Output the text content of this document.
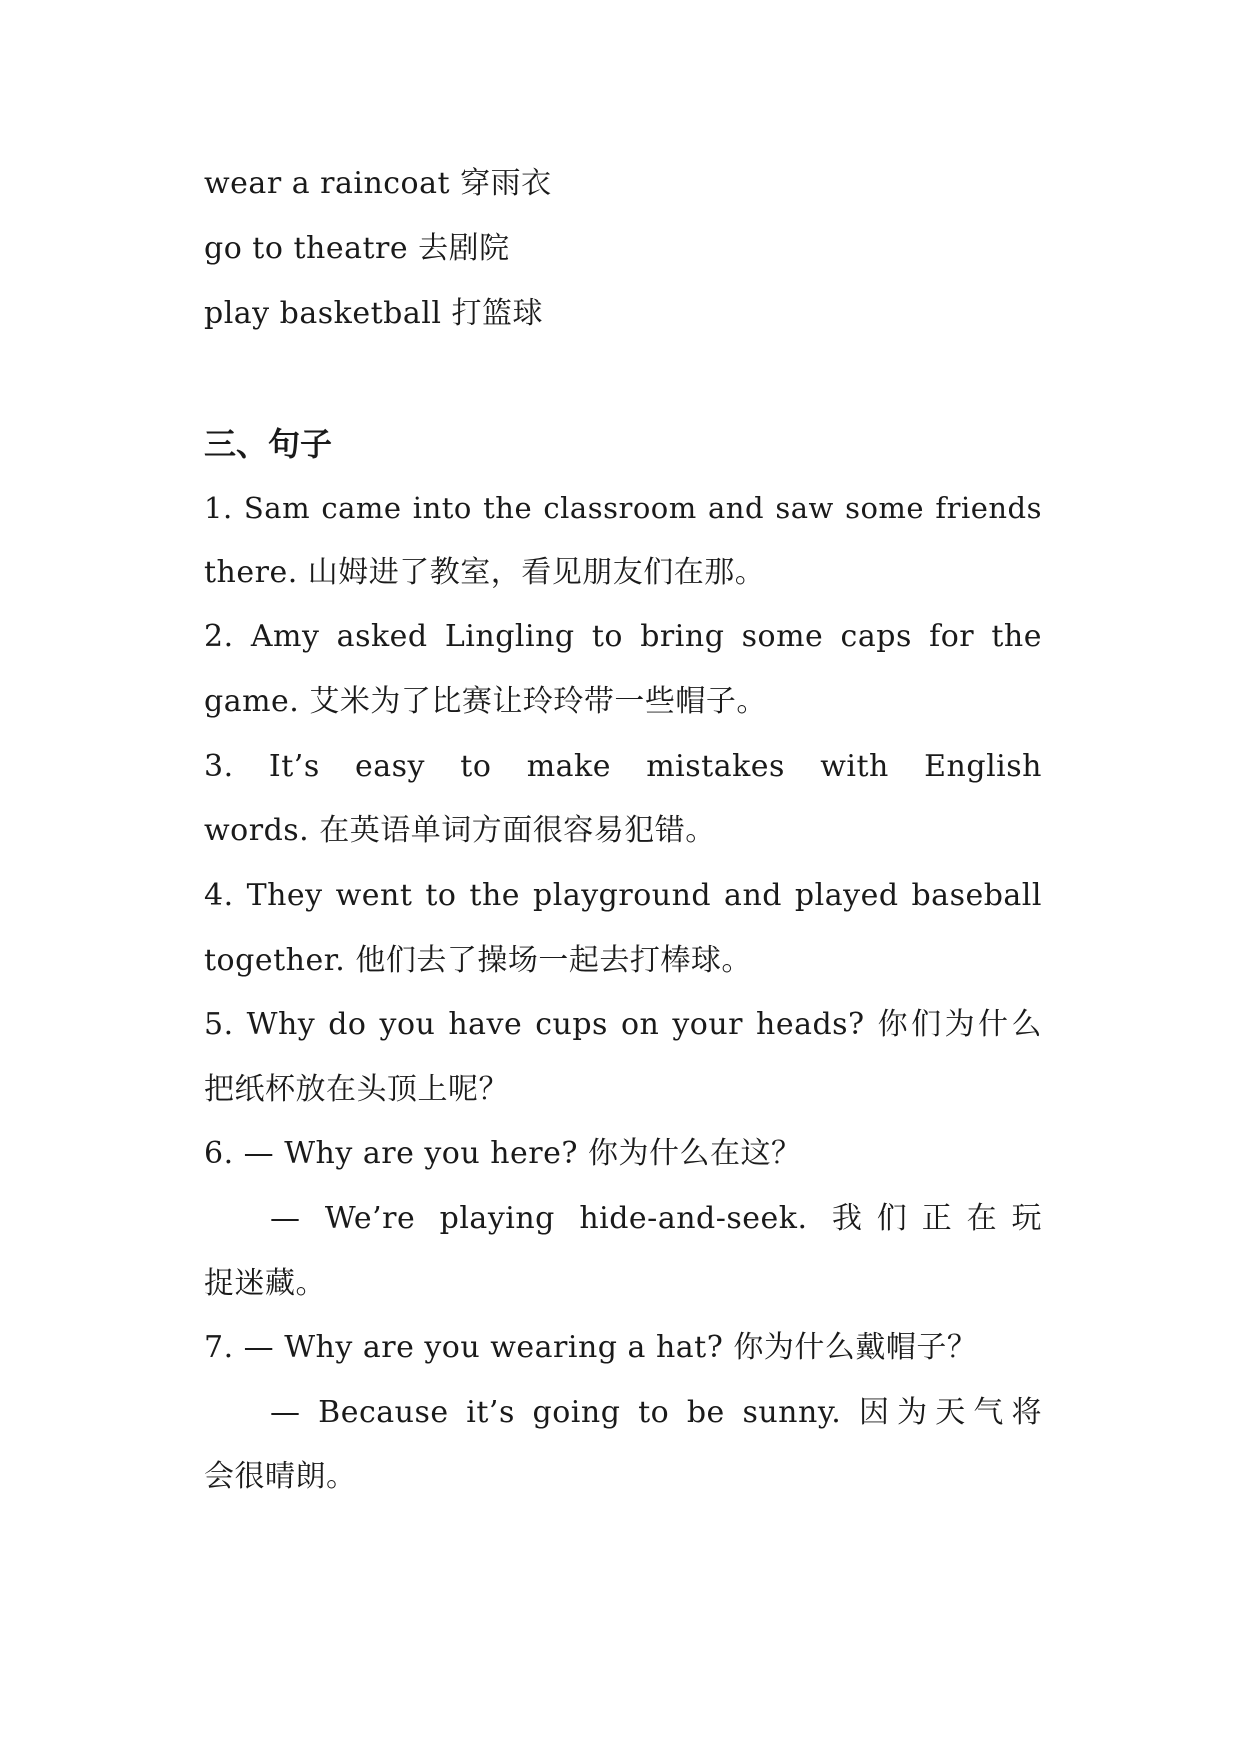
wear a raincoat 穿雨衣
go to theatre 去剧院
play basketball 打篮球
三、句子
1. Sam came into the classroom and saw some friends
there. 山姆进了教室，看见朋友们在那。
2. Amy asked Lingling to bring some caps for the
game. 艾米为了比赛让玲玲带一些帽子。
3. It’s easy to make mistakes with English
words. 在英语单词方面很容易犯错。
4. They went to the playground and played baseball
together. 他们去了操场一起去打棒球。
5. Why do you have cups on your heads? 你们为什么
把纸杯放在头顶上呢？
6. — Why are you here? 你为什么在这？
— We’re playing hide-and-seek. 我们正在玩
捉迷藏。
7. — Why are you wearing a hat? 你为什么戴帽子？
— Because it’s going to be sunny. 因为天气将
会很晴朗。
